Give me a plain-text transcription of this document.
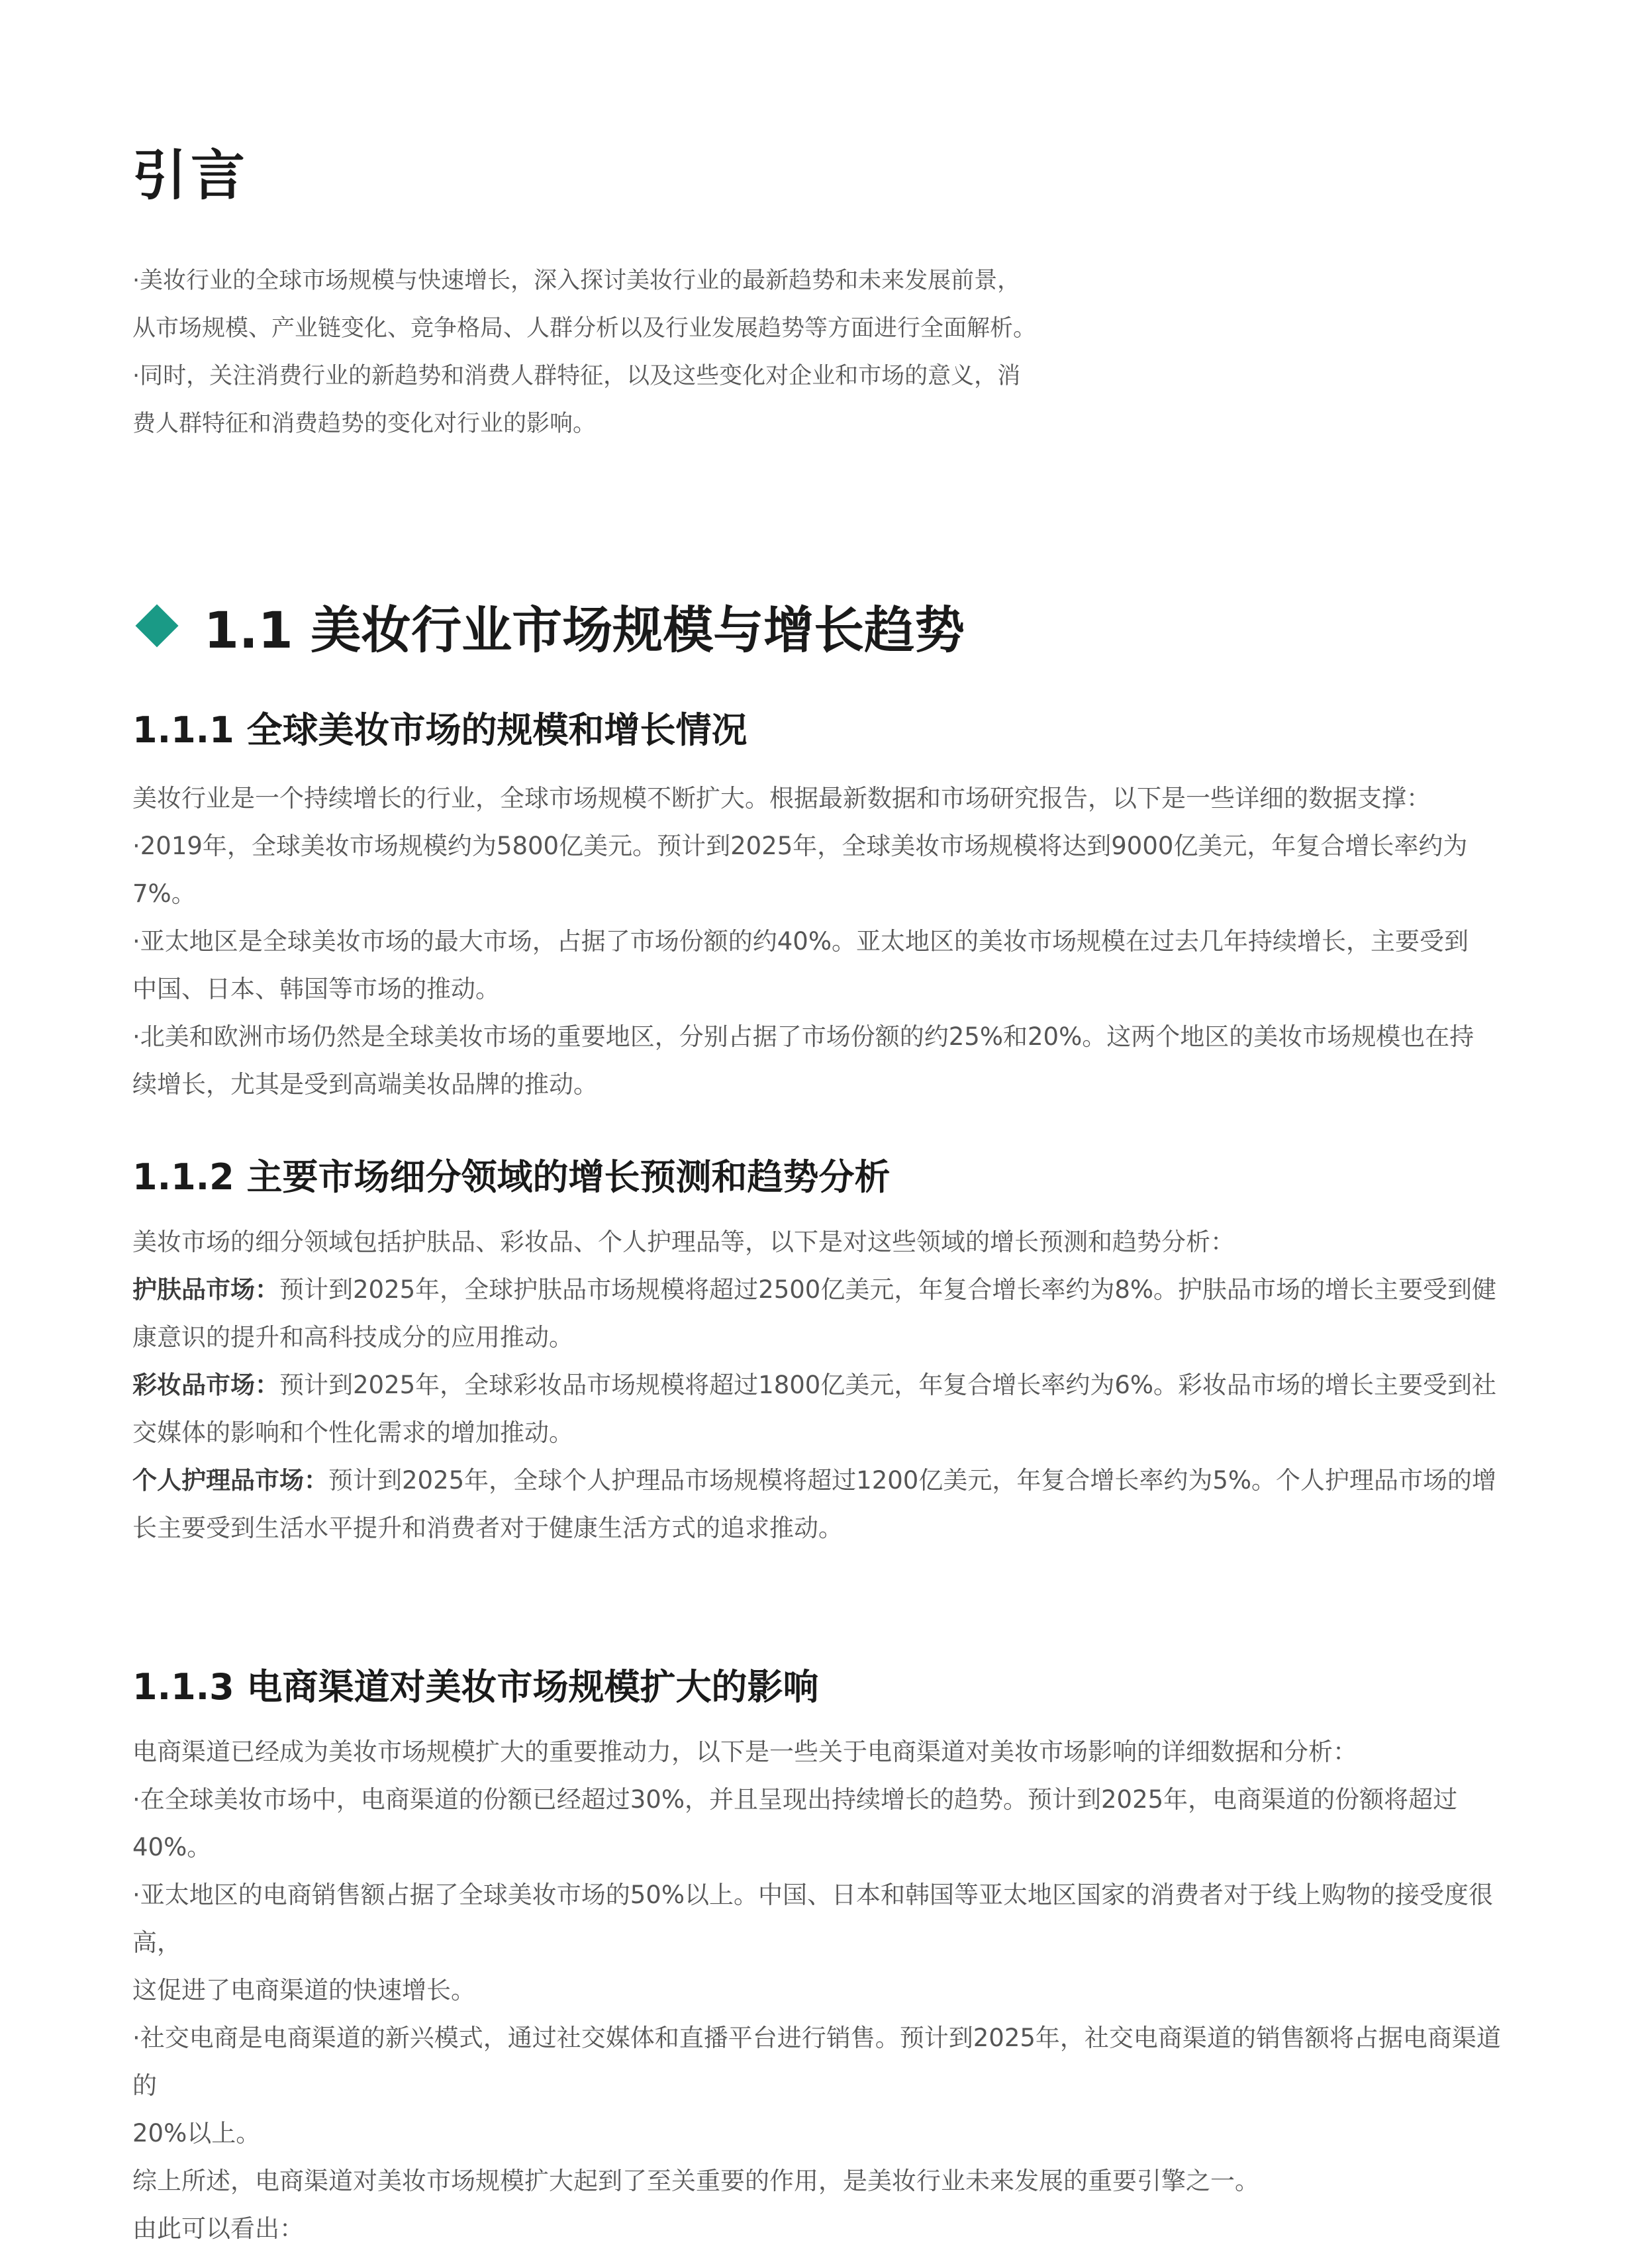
引言

·美妆行业的全球市场规模与快速增长，深入探讨美妆行业的最新趋势和未来发展前景，

从市场规模、产业链变化、竞争格局、人群分析以及行业发展趋势等方面进行全面解析。

·同时，关注消费行业的新趋势和消费人群特征，以及这些变化对企业和市场的意义，消

费人群特征和消费趋势的变化对行业的影响。

1.1 美妆行业市场规模与增长趋势
1.1.1 全球美妆市场的规模和增长情况

美妆行业是一个持续增长的行业，全球市场规模不断扩大。根据最新数据和市场研究报告，以下是一些详细的数据支撑：

·2019年，全球美妆市场规模约为5800亿美元。预计到2025年，全球美妆市场规模将达到9000亿美元，年复合增长率约为7%。

·亚太地区是全球美妆市场的最大市场，占据了市场份额的约40%。亚太地区的美妆市场规模在过去几年持续增长，主要受到

中国、日本、韩国等市场的推动。

·北美和欧洲市场仍然是全球美妆市场的重要地区，分别占据了市场份额的约25%和20%。这两个地区的美妆市场规模也在持

续增长，尤其是受到高端美妆品牌的推动。

1.1.2 主要市场细分领域的增长预测和趋势分析

美妆市场的细分领域包括护肤品、彩妆品、个人护理品等，以下是对这些领域的增长预测和趋势分析：

护肤品市场：预计到2025年，全球护肤品市场规模将超过2500亿美元，年复合增长率约为8%。护肤品市场的增长主要受到健

康意识的提升和高科技成分的应用推动。

彩妆品市场：预计到2025年，全球彩妆品市场规模将超过1800亿美元，年复合增长率约为6%。彩妆品市场的增长主要受到社

交媒体的影响和个性化需求的增加推动。

个人护理品市场：预计到2025年，全球个人护理品市场规模将超过1200亿美元，年复合增长率约为5%。个人护理品市场的增

长主要受到生活水平提升和消费者对于健康生活方式的追求推动。

1.1.3 电商渠道对美妆市场规模扩大的影响

电商渠道已经成为美妆市场规模扩大的重要推动力，以下是一些关于电商渠道对美妆市场影响的详细数据和分析：

·在全球美妆市场中，电商渠道的份额已经超过30%，并且呈现出持续增长的趋势。预计到2025年，电商渠道的份额将超过40%。

·亚太地区的电商销售额占据了全球美妆市场的50%以上。中国、日本和韩国等亚太地区国家的消费者对于线上购物的接受度很高，

这促进了电商渠道的快速增长。

·社交电商是电商渠道的新兴模式，通过社交媒体和直播平台进行销售。预计到2025年，社交电商渠道的销售额将占据电商渠道的

20%以上。

综上所述，电商渠道对美妆市场规模扩大起到了至关重要的作用，是美妆行业未来发展的重要引擎之一。

由此可以看出：
